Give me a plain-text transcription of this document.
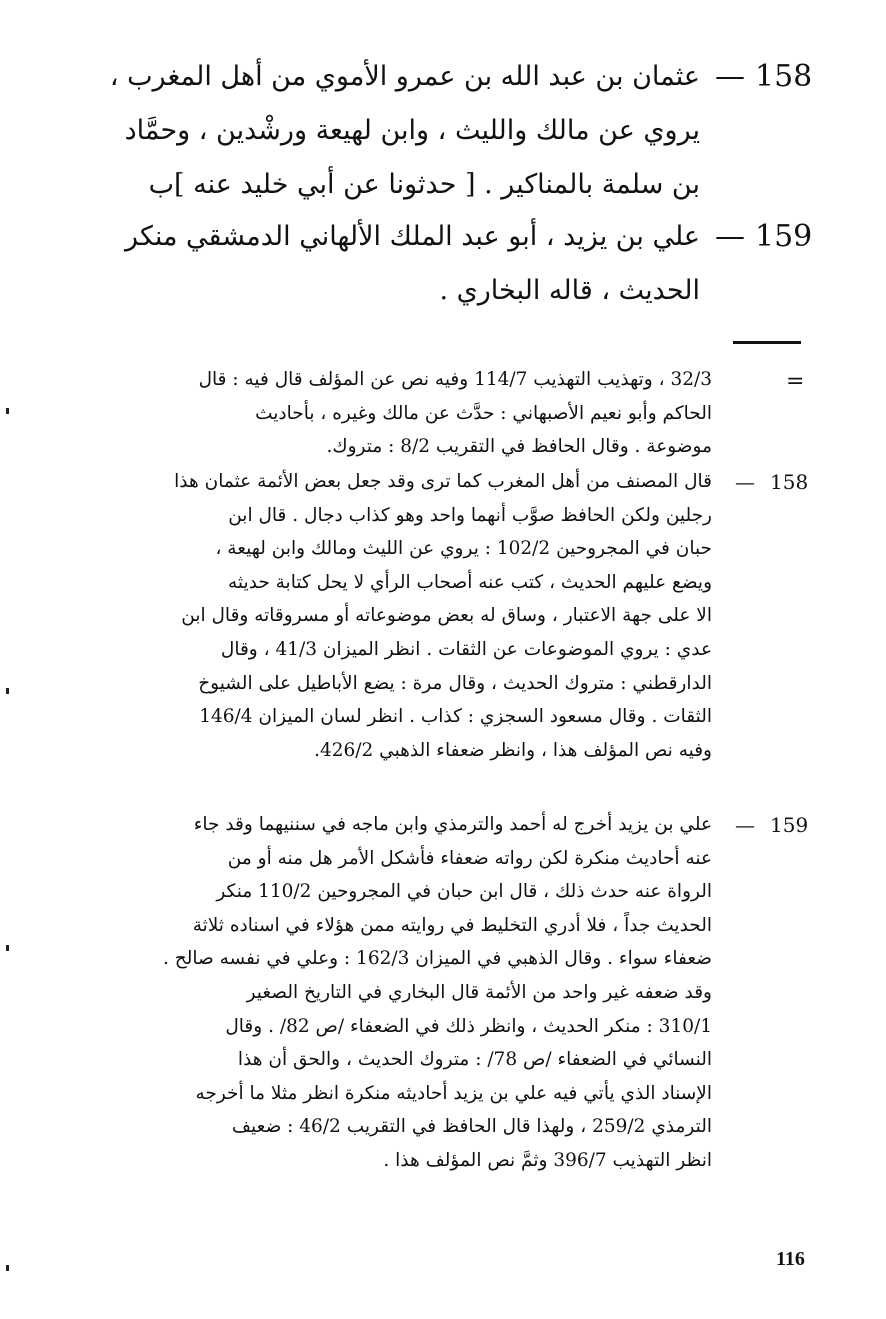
158
—
عثمان بن عبد الله بن عمرو الأموي من أهل المغرب ،
يروي عن مالك والليث ، وابن لهيعة ورشْدين ، وحمَّاد
بن سلمة بالمناكير . [ حدثونا عن أبي خليد عنه ]ب
159
—
علي بن يزيد ، أبو عبد الملك الألهاني الدمشقي منكر
الحديث ، قاله البخاري .
=
32/3 ، وتهذيب التهذيب 114/7 وفيه نص عن المؤلف قال فيه : قال
الحاكم وأبو نعيم الأصبهاني : حدَّث عن مالك وغيره ، بأحاديث
موضوعة . وقال الحافظ في التقريب 8/2 : متروك.
158
—
قال المصنف من أهل المغرب كما ترى وقد جعل بعض الأئمة عثمان هذا
رجلين ولكن الحافظ صوَّب أنهما واحد وهو كذاب دجال . قال ابن
حبان في المجروحين 102/2 : يروي عن الليث ومالك وابن لهيعة ،
ويضع عليهم الحديث ، كتب عنه أصحاب الرأي لا يحل كتابة حديثه
الا على جهة الاعتبار ، وساق له بعض موضوعاته أو مسروقاته وقال ابن
عدي : يروي الموضوعات عن الثقات . انظر الميزان 41/3 ، وقال
الدارقطني : متروك الحديث ، وقال مرة : يضع الأباطيل على الشيوخ
الثقات . وقال مسعود السجزي : كذاب . انظر لسان الميزان 146/4
وفيه نص المؤلف هذا ، وانظر ضعفاء الذهبي 426/2.
159
—
علي بن يزيد أخرج له أحمد والترمذي وابن ماجه في سننيهما وقد جاء
عنه أحاديث منكرة لكن رواته ضعفاء فأشكل الأمر هل منه أو من
الرواة عنه حدث ذلك ، قال ابن حبان في المجروحين 110/2 منكر
الحديث جداً ، فلا أدري التخليط في روايته ممن هؤلاء في اسناده ثلاثة
ضعفاء سواء . وقال الذهبي في الميزان 162/3 : وعلي في نفسه صالح .
وقد ضعفه غير واحد من الأئمة قال البخاري في التاريخ الصغير
310/1 : منكر الحديث ، وانظر ذلك في الضعفاء /ص 82/ . وقال
النسائي في الضعفاء /ص 78/ : متروك الحديث ، والحق أن هذا
الإسناد الذي يأتي فيه علي بن يزيد أحاديثه منكرة انظر مثلا ما أخرجه
الترمذي 259/2 ، ولهذا قال الحافظ في التقريب 46/2 : ضعيف
انظر التهذيب 396/7 وثمَّ نص المؤلف هذا .
116
